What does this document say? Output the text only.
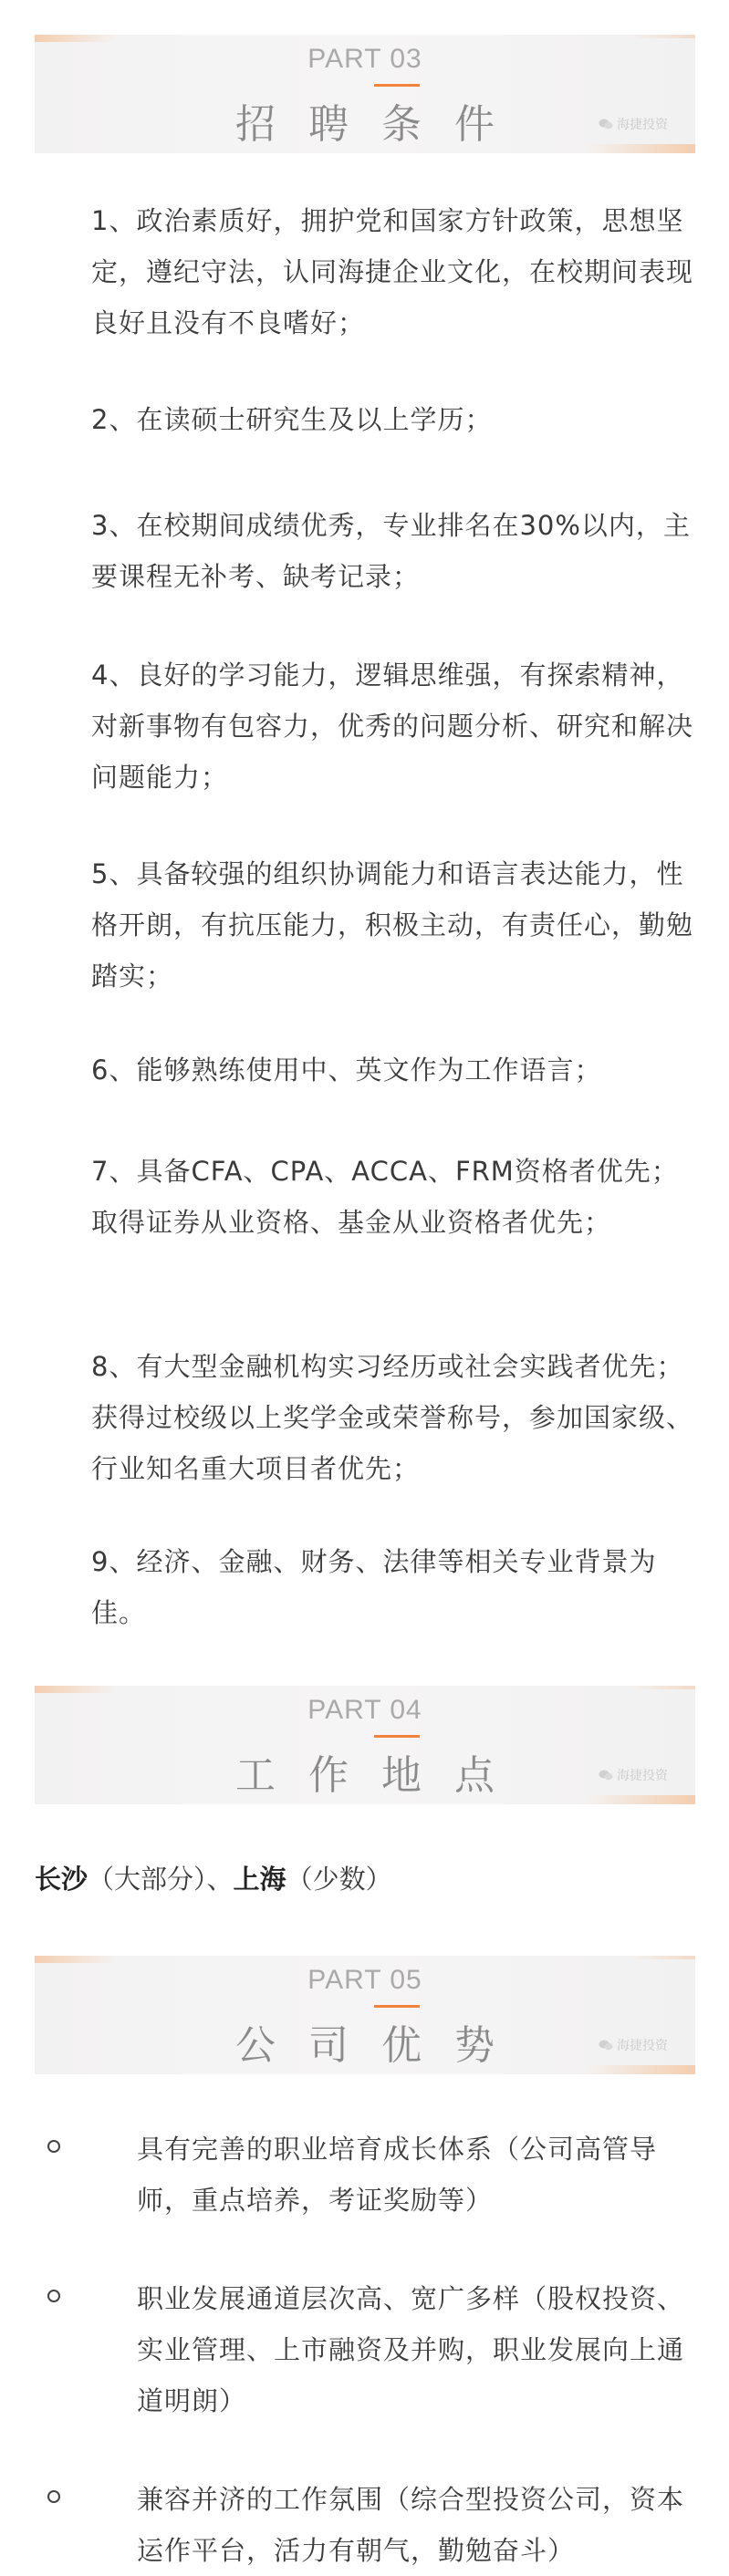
PART 03
招聘条件	海捷投资
1、政治素质好，拥护党和国家方针政策，思想坚定，遵纪守法，认同海捷企业文化，在校期间表现良好且没有不良嗜好；
2、在读硕士研究生及以上学历；
3、在校期间成绩优秀，专业排名在30%以内，主要课程无补考、缺考记录；
4、良好的学习能力，逻辑思维强，有探索精神，对新事物有包容力，优秀的问题分析、研究和解决问题能力；
5、具备较强的组织协调能力和语言表达能力，性格开朗，有抗压能力，积极主动，有责任心，勤勉踏实；
6、能够熟练使用中、英文作为工作语言；
7、具备CFA、CPA、ACCA、FRM资格者优先；取得证券从业资格、基金从业资格者优先；
8、有大型金融机构实习经历或社会实践者优先；获得过校级以上奖学金或荣誉称号，参加国家级、行业知名重大项目者优先；
9、经济、金融、财务、法律等相关专业背景为佳。
PART 04
工作地点	海捷投资
长沙（大部分）、上海（少数）
PART 05
公司优势	海捷投资
具有完善的职业培育成长体系（公司高管导师，重点培养，考证奖励等）
职业发展通道层次高、宽广多样（股权投资、实业管理、上市融资及并购，职业发展向上通道明朗）
兼容并济的工作氛围（综合型投资公司，资本运作平台，活力有朝气，勤勉奋斗）
